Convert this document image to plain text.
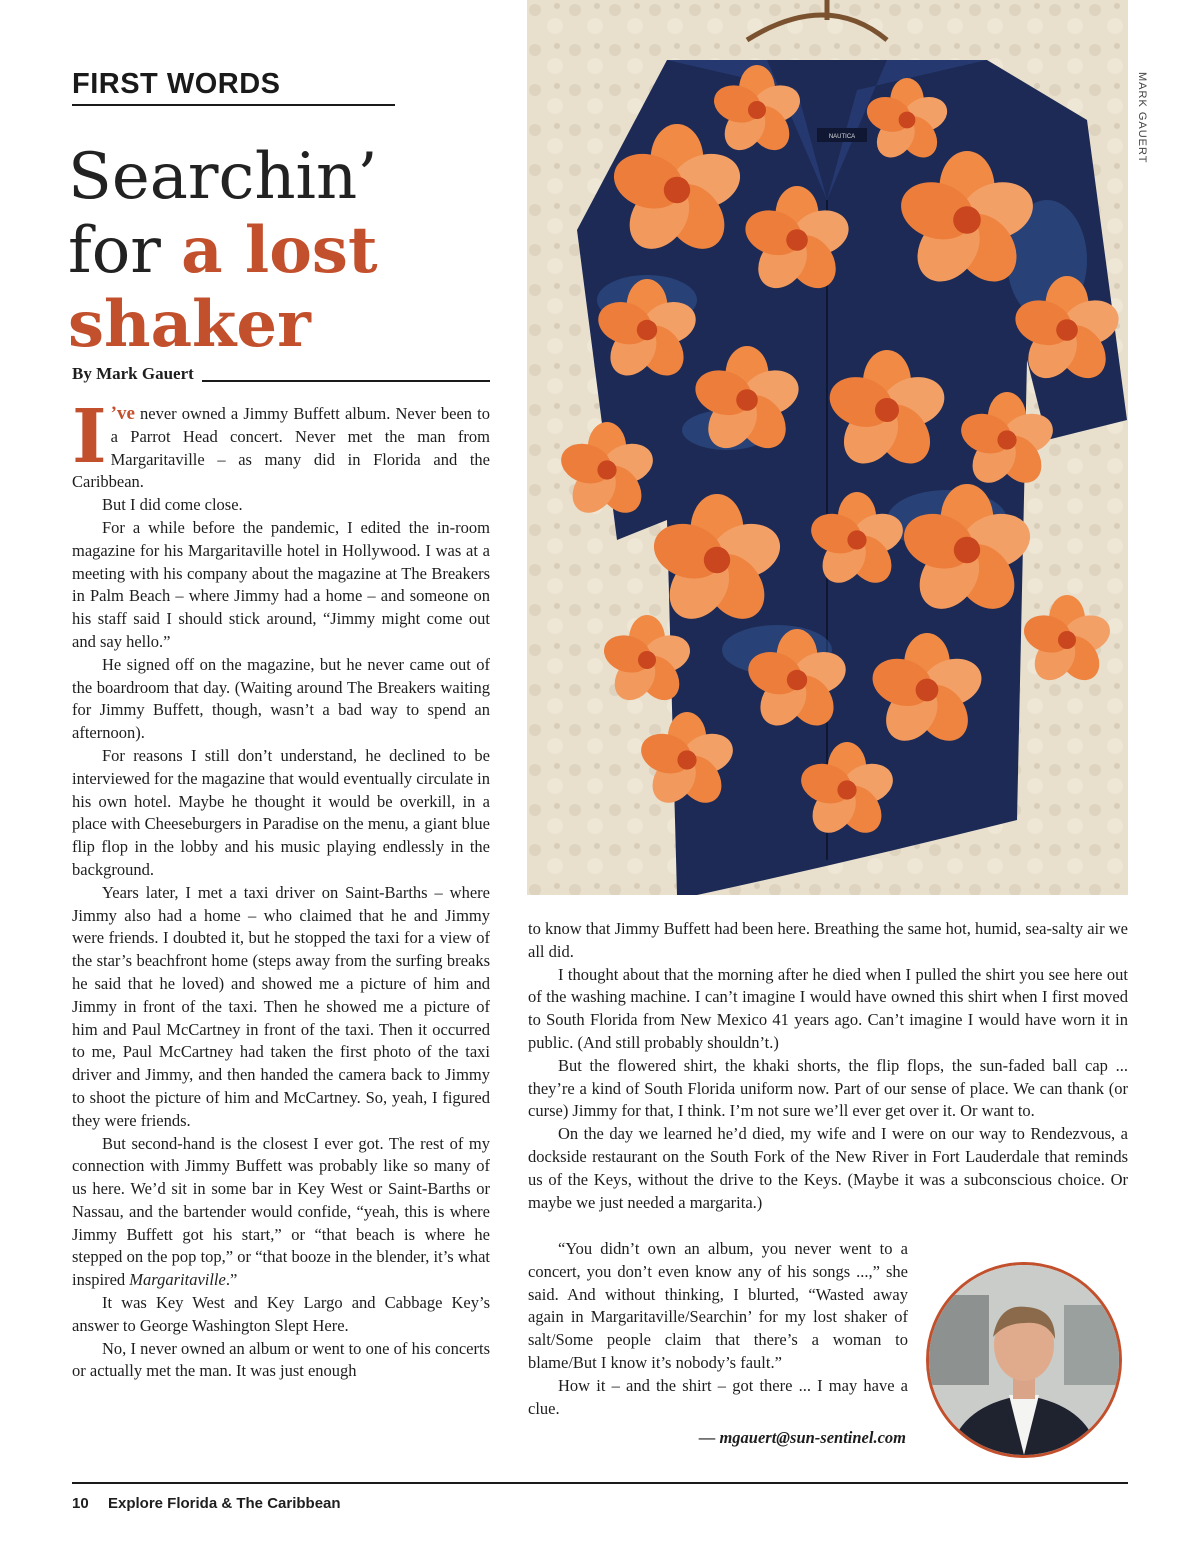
FIRST WORDS
Searchin’
for a lost
shaker
By Mark Gauert

I ’ve never owned a Jimmy Buffett album. Never been to a Parrot Head concert. Never met the man from Margaritaville – as many did in Florida and the Caribbean.

But I did come close.

For a while before the pandemic, I edited the in-room magazine for his Margaritaville hotel in Hollywood. I was at a meeting with his company about the magazine at The Breakers in Palm Beach – where Jimmy had a home – and someone on his staff said I should stick around, “Jimmy might come out and say hello.”

He signed off on the magazine, but he never came out of the boardroom that day. (Waiting around The Breakers waiting for Jimmy Buffett, though, wasn’t a bad way to spend an afternoon).

For reasons I still don’t understand, he declined to be interviewed for the magazine that would eventually circulate in his own hotel. Maybe he thought it would be overkill, in a place with Cheeseburgers in Paradise on the menu, a giant blue flip flop in the lobby and his music playing endlessly in the background.

Years later, I met a taxi driver on Saint-Barths – where Jimmy also had a home – who claimed that he and Jimmy were friends. I doubted it, but he stopped the taxi for a view of the star’s beachfront home (steps away from the surfing breaks he said that he loved) and showed me a picture of him and Jimmy in front of the taxi. Then he showed me a picture of him and Paul McCartney in front of the taxi. Then it occurred to me, Paul McCartney had taken the first photo of the taxi driver and Jimmy, and then handed the camera back to Jimmy to shoot the picture of him and McCartney. So, yeah, I figured they were friends.

But second-hand is the closest I ever got. The rest of my connection with Jimmy Buffett was probably like so many of us here. We’d sit in some bar in Key West or Saint-Barths or Nassau, and the bartender would confide, “yeah, this is where Jimmy Buffett got his start,” or “that beach is where he stepped on the pop top,” or “that booze in the blender, it’s what inspired Margaritaville.”

It was Key West and Key Largo and Cabbage Key’s answer to George Washington Slept Here.

No, I never owned an album or went to one of his concerts or actually met the man. It was just enough

NAUTICA	MARK GAUERT

to know that Jimmy Buffett had been here. Breathing the same hot, humid, sea-salty air we all did.

I thought about that the morning after he died when I pulled the shirt you see here out of the washing machine. I can’t imagine I would have owned this shirt when I first moved to South Florida from New Mexico 41 years ago. Can’t imagine I would have worn it in public. (And still probably shouldn’t.)

But the flowered shirt, the khaki shorts, the flip flops, the sun-faded ball cap ... they’re a kind of South Florida uniform now. Part of our sense of place. We can thank (or curse) Jimmy for that, I think. I’m not sure we’ll ever get over it. Or want to.

On the day we learned he’d died, my wife and I were on our way to Rendezvous, a dockside restaurant on the South Fork of the New River in Fort Lauderdale that reminds us of the Keys, without the drive to the Keys. (Maybe it was a subconscious choice. Or maybe we just needed a margarita.)

“You didn’t own an album, you never went to a concert, you don’t even know any of his songs ...,” she said. And without thinking, I blurted, “Wasted away again in Margaritaville/Searchin’ for my lost shaker of salt/Some people claim that there’s a woman to blame/But I know it’s nobody’s fault.”

How it – and the shirt – got there ... I may have a clue.

— mgauert@sun-sentinel.com
10 Explore Florida & The Caribbean
